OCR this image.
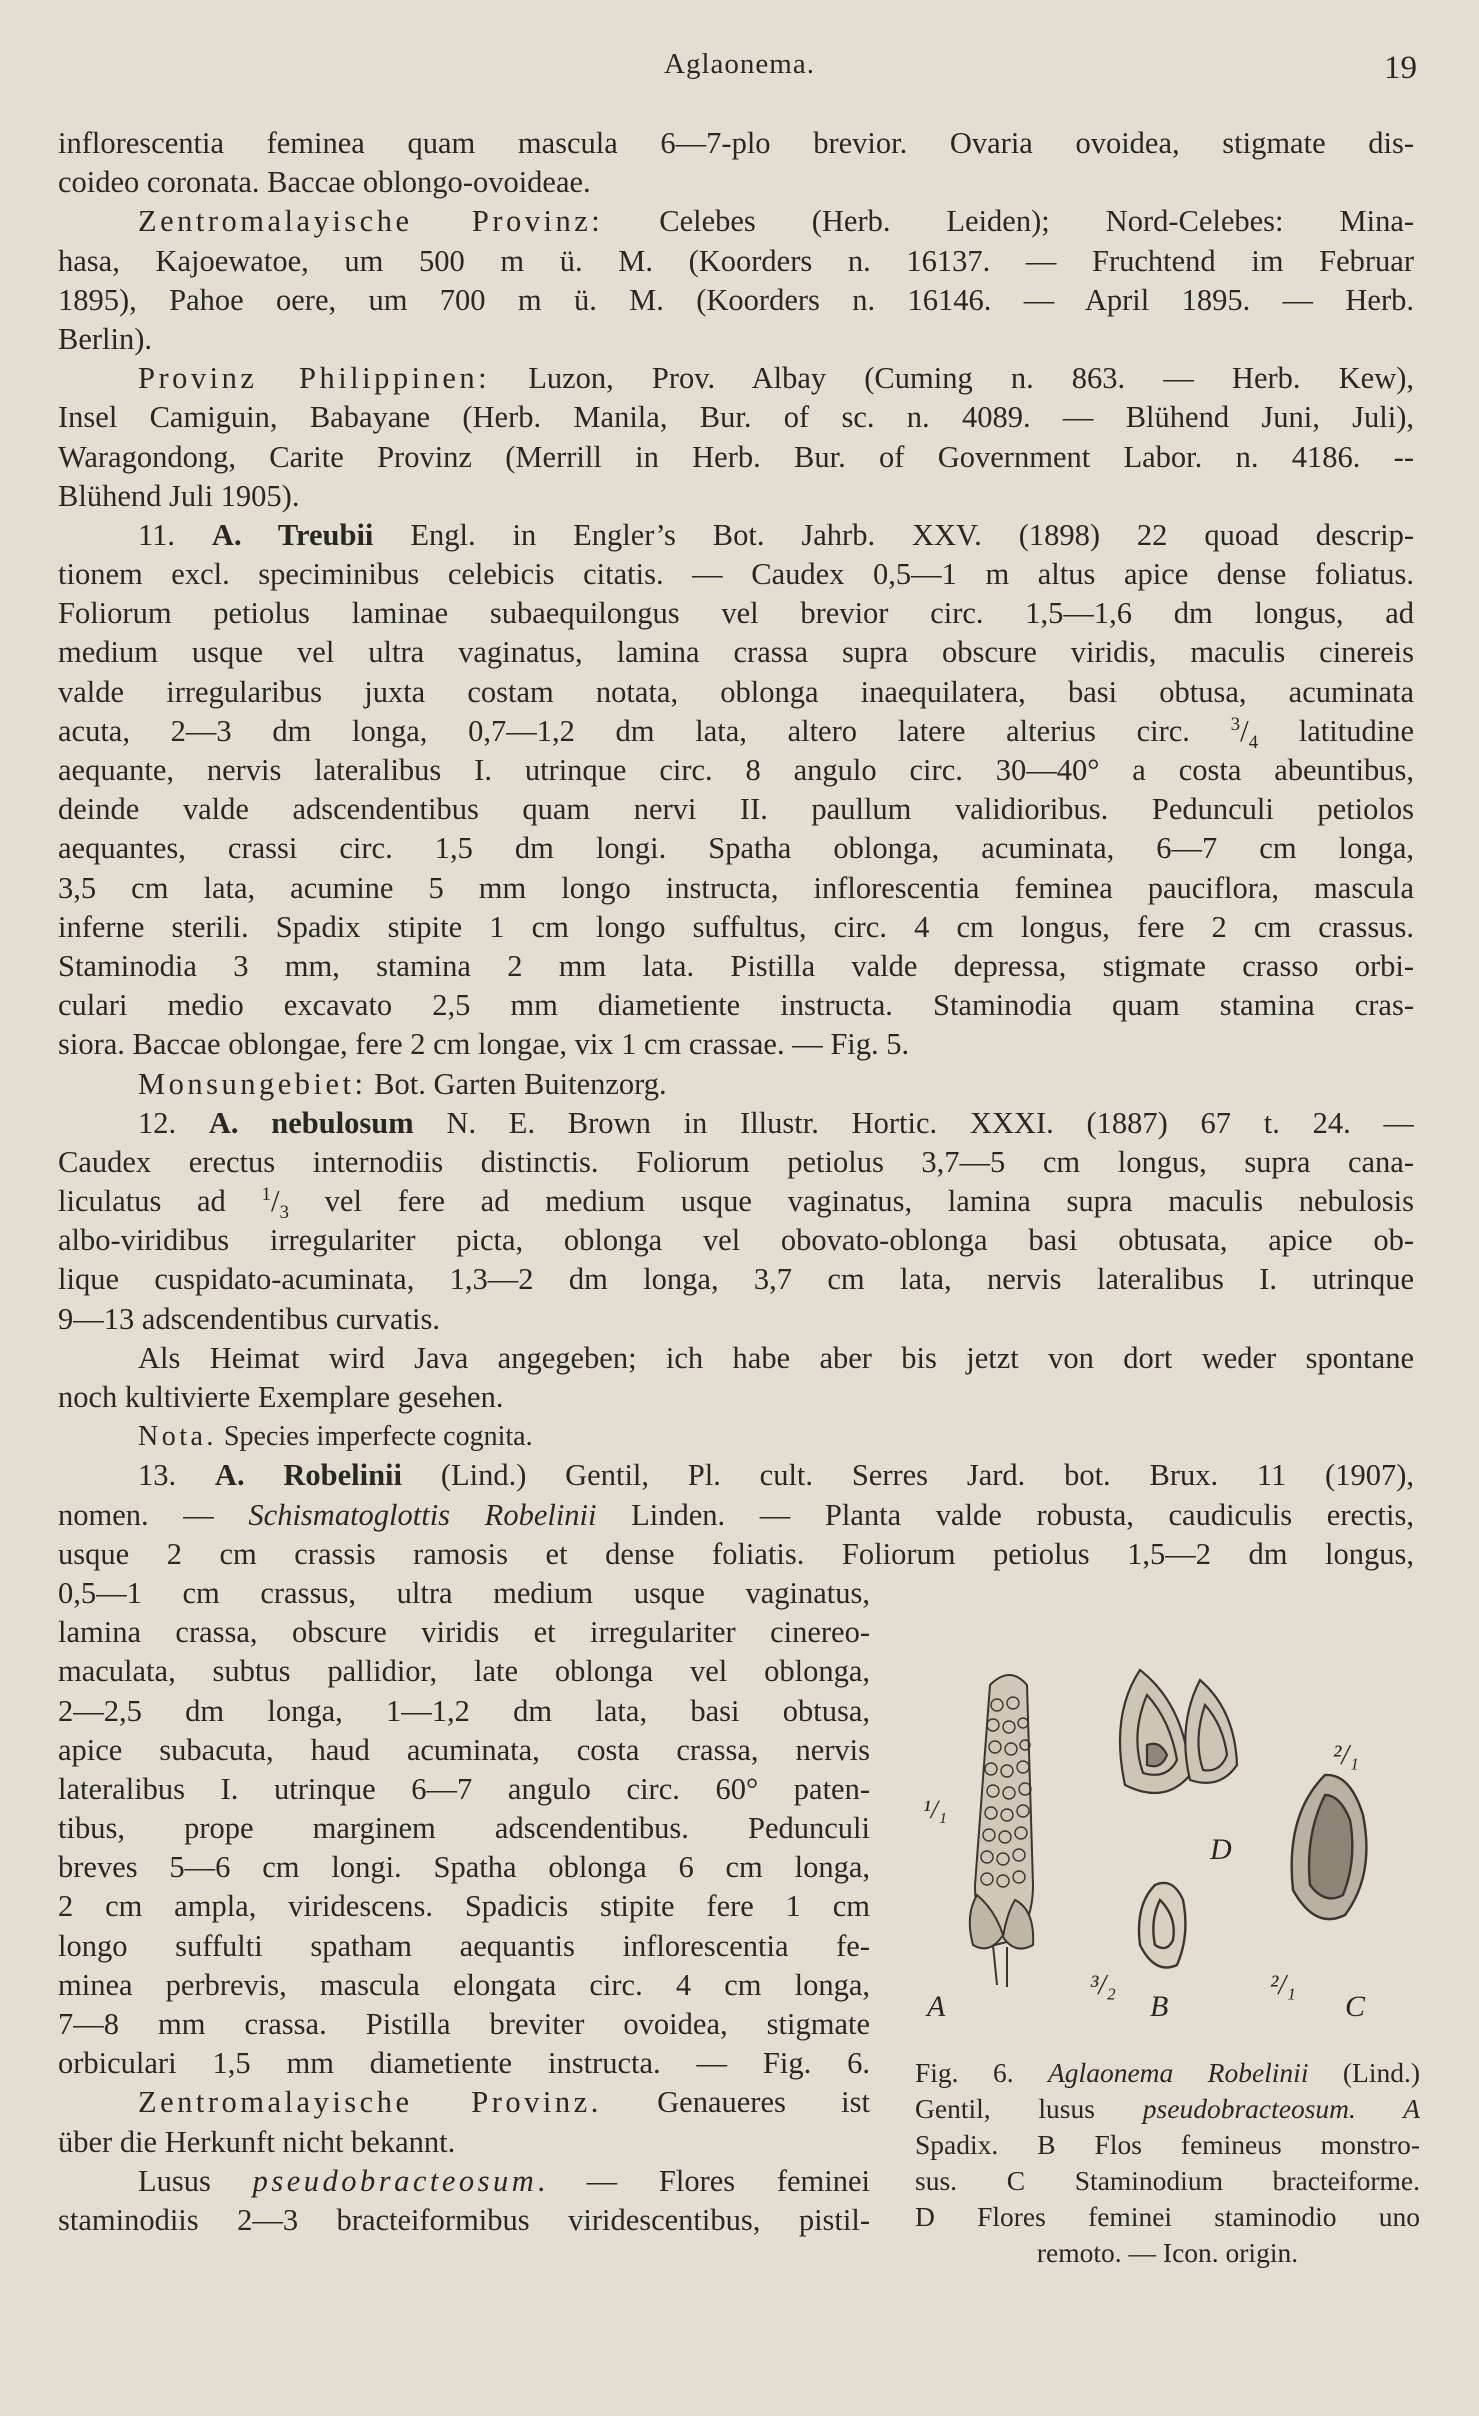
Aglaonema.	19
inflorescentia feminea quam mascula 6—7-plo brevior. Ovaria ovoidea, stigmate dis-
coideo coronata. Baccae oblongo-ovoideae.
Zentromalayische Provinz: Celebes (Herb. Leiden); Nord-Celebes: Mina-
hasa, Kajoewatoe, um 500 m ü. M. (Koorders n. 16137. — Fruchtend im Februar
1895), Pahoe oere, um 700 m ü. M. (Koorders n. 16146. — April 1895. — Herb.
Berlin).
Provinz Philippinen: Luzon, Prov. Albay (Cuming n. 863. — Herb. Kew),
Insel Camiguin, Babayane (Herb. Manila, Bur. of sc. n. 4089. — Blühend Juni, Juli),
Waragondong, Carite Provinz (Merrill in Herb. Bur. of Government Labor. n. 4186. --
Blühend Juli 1905).
11. A. Treubii Engl. in Engler’s Bot. Jahrb. XXV. (1898) 22 quoad descrip-
tionem excl. speciminibus celebicis citatis. — Caudex 0,5—1 m altus apice dense foliatus.
Foliorum petiolus laminae subaequilongus vel brevior circ. 1,5—1,6 dm longus, ad
medium usque vel ultra vaginatus, lamina crassa supra obscure viridis, maculis cinereis
valde irregularibus juxta costam notata, oblonga inaequilatera, basi obtusa, acuminata
acuta, 2—3 dm longa, 0,7—1,2 dm lata, altero latere alterius circ. $^3/_4$ latitudine
aequante, nervis lateralibus I. utrinque circ. 8 angulo circ. 30—40° a costa abeuntibus,
deinde valde adscendentibus quam nervi II. paullum validioribus. Pedunculi petiolos
aequantes, crassi circ. 1,5 dm longi. Spatha oblonga, acuminata, 6—7 cm longa,
3,5 cm lata, acumine 5 mm longo instructa, inflorescentia feminea pauciflora, mascula
inferne sterili. Spadix stipite 1 cm longo suffultus, circ. 4 cm longus, fere 2 cm crassus.
Staminodia 3 mm, stamina 2 mm lata. Pistilla valde depressa, stigmate crasso orbi-
culari medio excavato 2,5 mm diametiente instructa. Staminodia quam stamina cras-
siora. Baccae oblongae, fere 2 cm longae, vix 1 cm crassae. — Fig. 5.
Monsungebiet: Bot. Garten Buitenzorg.
12. A. nebulosum N. E. Brown in Illustr. Hortic. XXXI. (1887) 67 t. 24. —
Caudex erectus internodiis distinctis. Foliorum petiolus 3,7—5 cm longus, supra cana-
liculatus ad $^1/_3$ vel fere ad medium usque vaginatus, lamina supra maculis nebulosis
albo-viridibus irregulariter picta, oblonga vel obovato-oblonga basi obtusata, apice ob-
lique cuspidato-acuminata, 1,3—2 dm longa, 3,7 cm lata, nervis lateralibus I. utrinque
9—13 adscendentibus curvatis.
Als Heimat wird Java angegeben; ich habe aber bis jetzt von dort weder spontane
noch kultivierte Exemplare gesehen.
Nota. Species imperfecte cognita.
13. A. Robelinii (Lind.) Gentil, Pl. cult. Serres Jard. bot. Brux. 11 (1907),
nomen. — Schismatoglottis Robelinii Linden. — Planta valde robusta, caudiculis erectis,
usque 2 cm crassis ramosis et dense foliatis. Foliorum petiolus 1,5—2 dm longus,
0,5—1 cm crassus, ultra medium usque vaginatus,
lamina crassa, obscure viridis et irregulariter cinereo-
maculata, subtus pallidior, late oblonga vel oblonga,
2—2,5 dm longa, 1—1,2 dm lata, basi obtusa,
apice subacuta, haud acuminata, costa crassa, nervis
lateralibus I. utrinque 6—7 angulo circ. 60° paten-
tibus, prope marginem adscendentibus. Pedunculi
breves 5—6 cm longi. Spatha oblonga 6 cm longa,
2 cm ampla, viridescens. Spadicis stipite fere 1 cm
longo suffulti spatham aequantis inflorescentia fe-
minea perbrevis, mascula elongata circ. 4 cm longa,
7—8 mm crassa. Pistilla breviter ovoidea, stigmate
orbiculari 1,5 mm diametiente instructa. — Fig. 6.
Zentromalayische Provinz. Genaueres ist
über die Herkunft nicht bekannt.
Lusus pseudobracteosum. — Flores feminei
staminodiis 2—3 bracteiformibus viridescentibus, pistil-
¹/₁
A
³/₂
B
²/₁
C
²/₁
D
Fig. 6. Aglaonema Robelinii (Lind.)
Gentil, lusus pseudobracteosum. A
Spadix. B Flos femineus monstro-
sus. C Staminodium bracteiforme.
D Flores feminei staminodio uno
remoto. — Icon. origin.
